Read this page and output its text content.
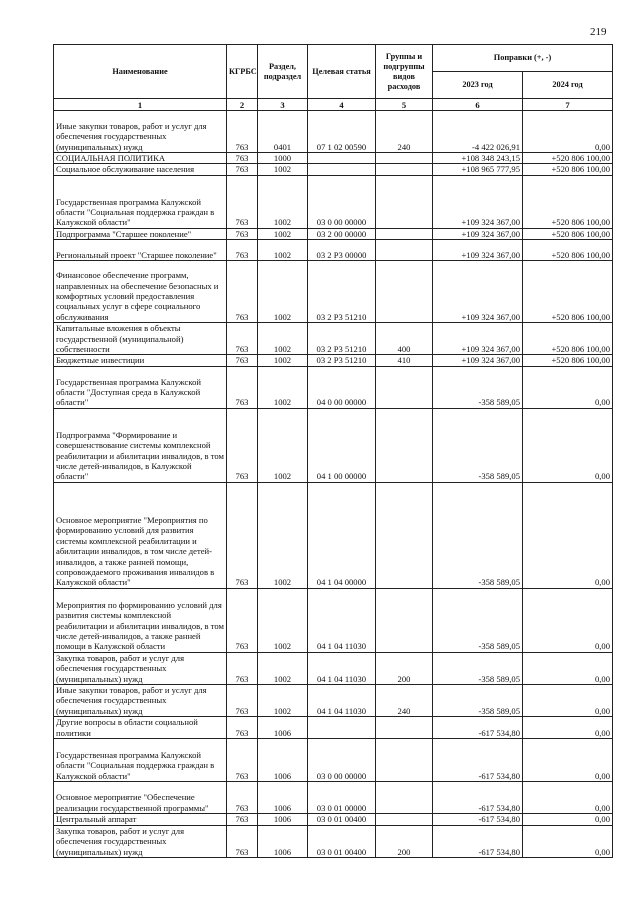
219
Наименование	КГРБС	Раздел, подраздел	Целевая статья	Группы и подгруппы видов расходов	Поправки (+, -)	
					2023 год	2024 год
1	2	3	4	5	6	7
Иные закупки товаров, работ и услуг для обеспечения государственных (муниципальных) нужд	763	0401	07 1 02 00590	240	-4 422 026,91	0,00
СОЦИАЛЬНАЯ ПОЛИТИКА	763	1000			+108 348 243,15	+520 806 100,00
Социальное обслуживание населения	763	1002			+108 965 777,95	+520 806 100,00
Государственная программа Калужской области "Социальная поддержка граждан в Калужской области"	763	1002	03 0 00 00000		+109 324 367,00	+520 806 100,00
Подпрограмма "Старшее поколение"	763	1002	03 2 00 00000		+109 324 367,00	+520 806 100,00
Региональный проект "Старшее поколение"	763	1002	03 2 P3 00000		+109 324 367,00	+520 806 100,00
Финансовое обеспечение программ, направленных на обеспечение безопасных и комфортных условий предоставления социальных услуг в сфере социального обслуживания	763	1002	03 2 P3 51210		+109 324 367,00	+520 806 100,00
Капитальные вложения в объекты государственной (муниципальной) собственности	763	1002	03 2 P3 51210	400	+109 324 367,00	+520 806 100,00
Бюджетные инвестиции	763	1002	03 2 P3 51210	410	+109 324 367,00	+520 806 100,00
Государственная программа Калужской области "Доступная среда в Калужской области"	763	1002	04 0 00 00000		-358 589,05	0,00
Подпрограмма "Формирование и совершенствование системы комплексной реабилитации и абилитации инвалидов, в том числе детей-инвалидов, в Калужской области"	763	1002	04 1 00 00000		-358 589,05	0,00
Основное мероприятие "Мероприятия по формированию условий для развития системы комплексной реабилитации и абилитации инвалидов, в том числе детей-инвалидов, а также ранней помощи, сопровождаемого проживания инвалидов в Калужской области"	763	1002	04 1 04 00000		-358 589,05	0,00
Мероприятия по формированию условий для развития системы комплексной реабилитации и абилитации инвалидов, в том числе детей-инвалидов, а также ранней помощи в Калужской области	763	1002	04 1 04 11030		-358 589,05	0,00
Закупка товаров, работ и услуг для обеспечения государственных (муниципальных) нужд	763	1002	04 1 04 11030	200	-358 589,05	0,00
Иные закупки товаров, работ и услуг для обеспечения государственных (муниципальных) нужд	763	1002	04 1 04 11030	240	-358 589,05	0,00
Другие вопросы в области социальной политики	763	1006			-617 534,80	0,00
Государственная программа Калужской области "Социальная поддержка граждан в Калужской области"	763	1006	03 0 00 00000		-617 534,80	0,00
Основное мероприятие "Обеспечение реализации государственной программы"	763	1006	03 0 01 00000		-617 534,80	0,00
Центральный аппарат	763	1006	03 0 01 00400		-617 534,80	0,00
Закупка товаров, работ и услуг для обеспечения государственных (муниципальных) нужд	763	1006	03 0 01 00400	200	-617 534,80	0,00
